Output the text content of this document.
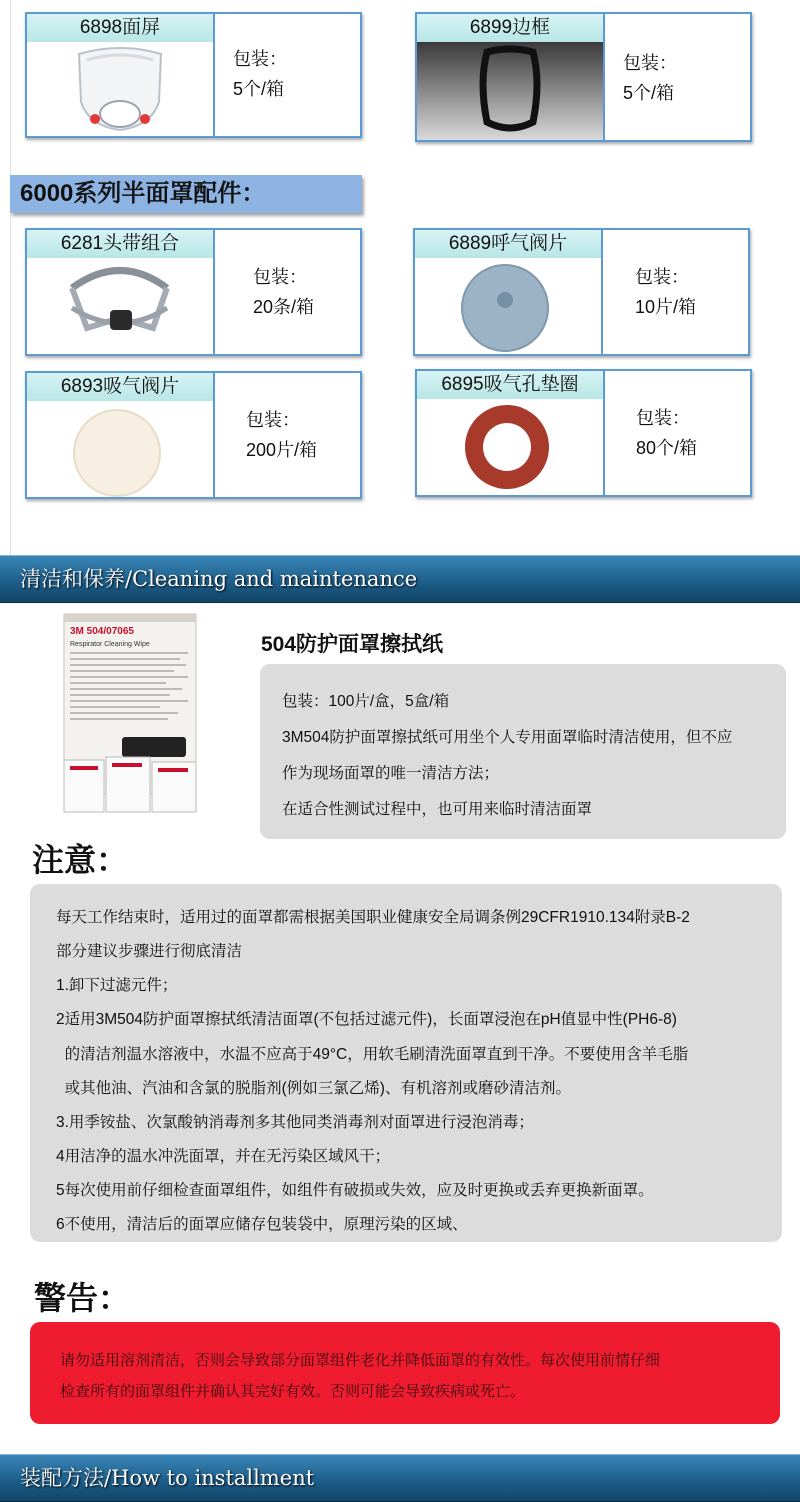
6898面屏
包装：
5个/箱
6899边框
包装：
5个/箱
6000系列半面罩配件：
6281头带组合
包装：
20条/箱
6889呼气阀片
包装：
10片/箱
6893吸气阀片
包装：
200片/箱
6895吸气孔垫圈
包装：
80个/箱
清洁和保养/Cleaning and maintenance
3M 504/07065
Respirator Cleaning Wipe	504防护面罩擦拭纸
包装：100片/盒，5盒/箱
3M504防护面罩擦拭纸可用坐个人专用面罩临时清洁使用，但不应
作为现场面罩的唯一清洁方法；
在适合性测试过程中，也可用来临时清洁面罩
注意：
每天工作结束时，适用过的面罩都需根据美国职业健康安全局调条例29CFR1910.134附录B-2
部分建议步骤进行彻底清洁
1.卸下过滤元件；
2适用3M504防护面罩擦拭纸清洁面罩(不包括过滤元件)，长面罩浸泡在pH值显中性(PH6-8)
的清洁剂温水溶液中，水温不应高于49°C，用软毛刷清洗面罩直到干净。不要使用含羊毛脂
或其他油、汽油和含氯的脱脂剂(例如三氯乙烯)、有机溶剂或磨砂清洁剂。
3.用季铵盐、次氯酸钠消毒剂多其他同类消毒剂对面罩进行浸泡消毒；
4用洁净的温水冲洗面罩，并在无污染区域风干；
5每次使用前仔细检查面罩组件，如组件有破损或失效，应及时更换或丢弃更换新面罩。
6不使用，清洁后的面罩应储存包装袋中，原理污染的区域、
警告：
请勿适用溶剂清洁，否则会导致部分面罩组件老化并降低面罩的有效性。每次使用前情仔细
检查所有的面罩组件并确认其完好有效。否则可能会导致疾病或死亡。
装配方法/How to installment
